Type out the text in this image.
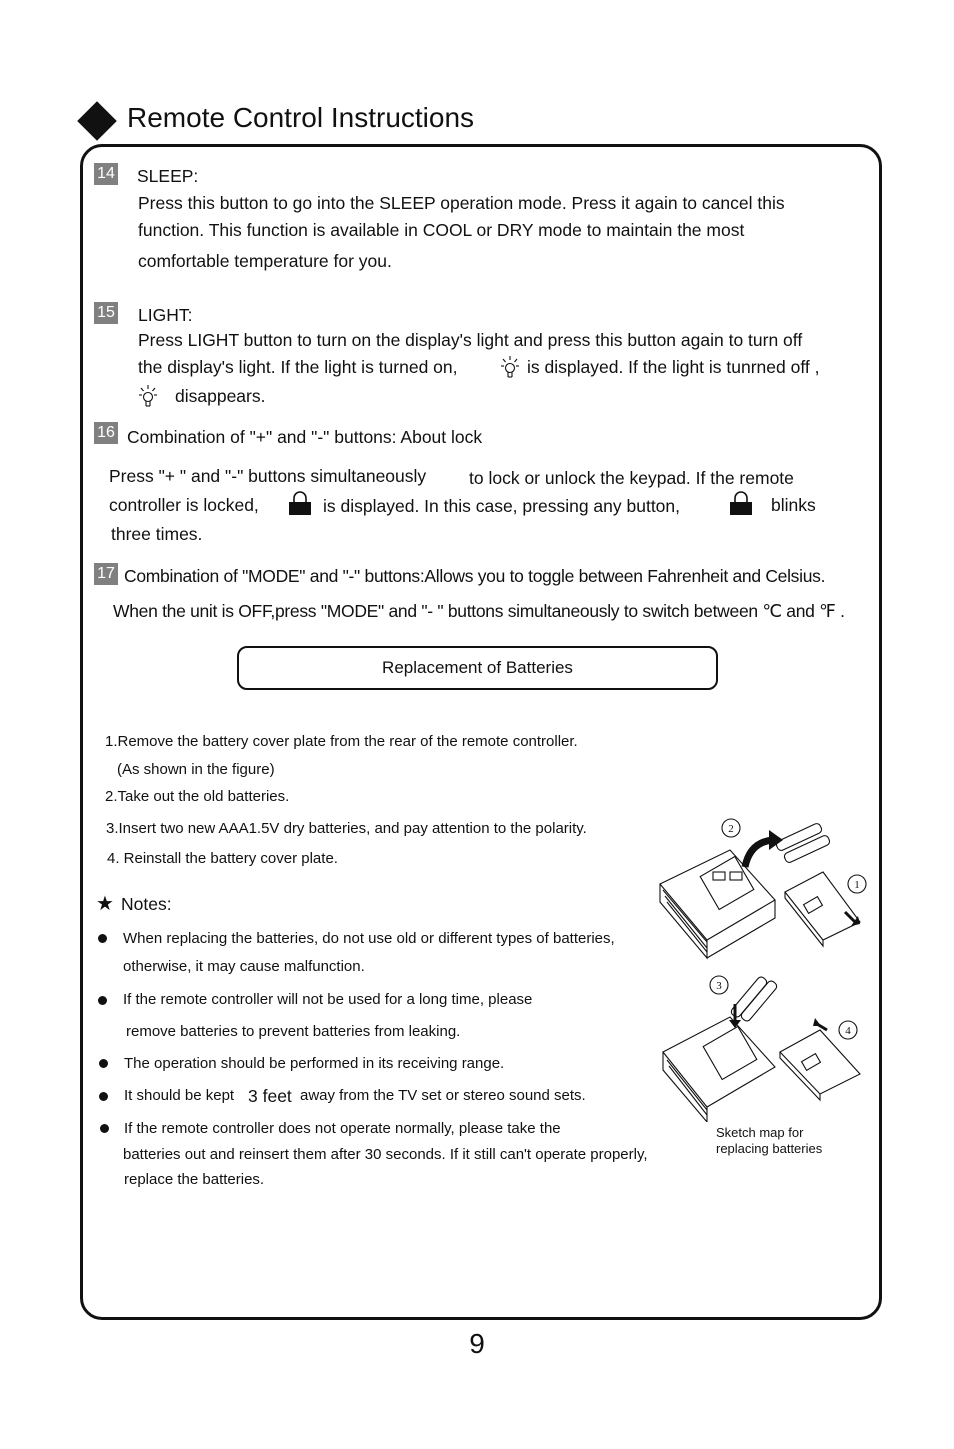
Remote Control Instructions
14 SLEEP:
Press this button to go into the SLEEP operation mode. Press it again to cancel this
function. This function is available in COOL or DRY mode to maintain the most
comfortable temperature for you.
15 LIGHT:
Press LIGHT button to turn on the display's light and press this button again to turn off
the display's light. If the light is turned on,	is displayed. If the light is tunrned off ,
disappears.
16 Combination of "+" and "-" buttons: About lock
Press "+ " and "-" buttons simultaneously to lock or unlock the keypad. If the remote
controller is locked,	is displayed. In this case, pressing any button,	blinks
three times.
17 Combination of "MODE" and "-" buttons:Allows you to toggle between Fahrenheit and Celsius.
When the unit is OFF,press "MODE" and "- " buttons simultaneously to switch between ℃ and ℉ .
Replacement of Batteries
1.Remove the battery cover plate from the rear of the remote controller.
(As shown in the figure)
2.Take out the old batteries.
3.Insert two new AAA1.5V dry batteries, and pay attention to the polarity.
4. Reinstall the battery cover plate.
★ Notes:
When replacing the batteries, do not use old or different types of batteries,
otherwise, it may cause malfunction.
If the remote controller will not be used for a long time, please
remove batteries to prevent batteries from leaking.
The operation should be performed in its receiving range.
It should be kept 3 feet away from the TV set or stereo sound sets.
If the remote controller does not operate normally, please take the
batteries out and reinsert them after 30 seconds. If it still can't operate properly,
replace the batteries.
2
1
3
4
Sketch map for
replacing batteries
9
